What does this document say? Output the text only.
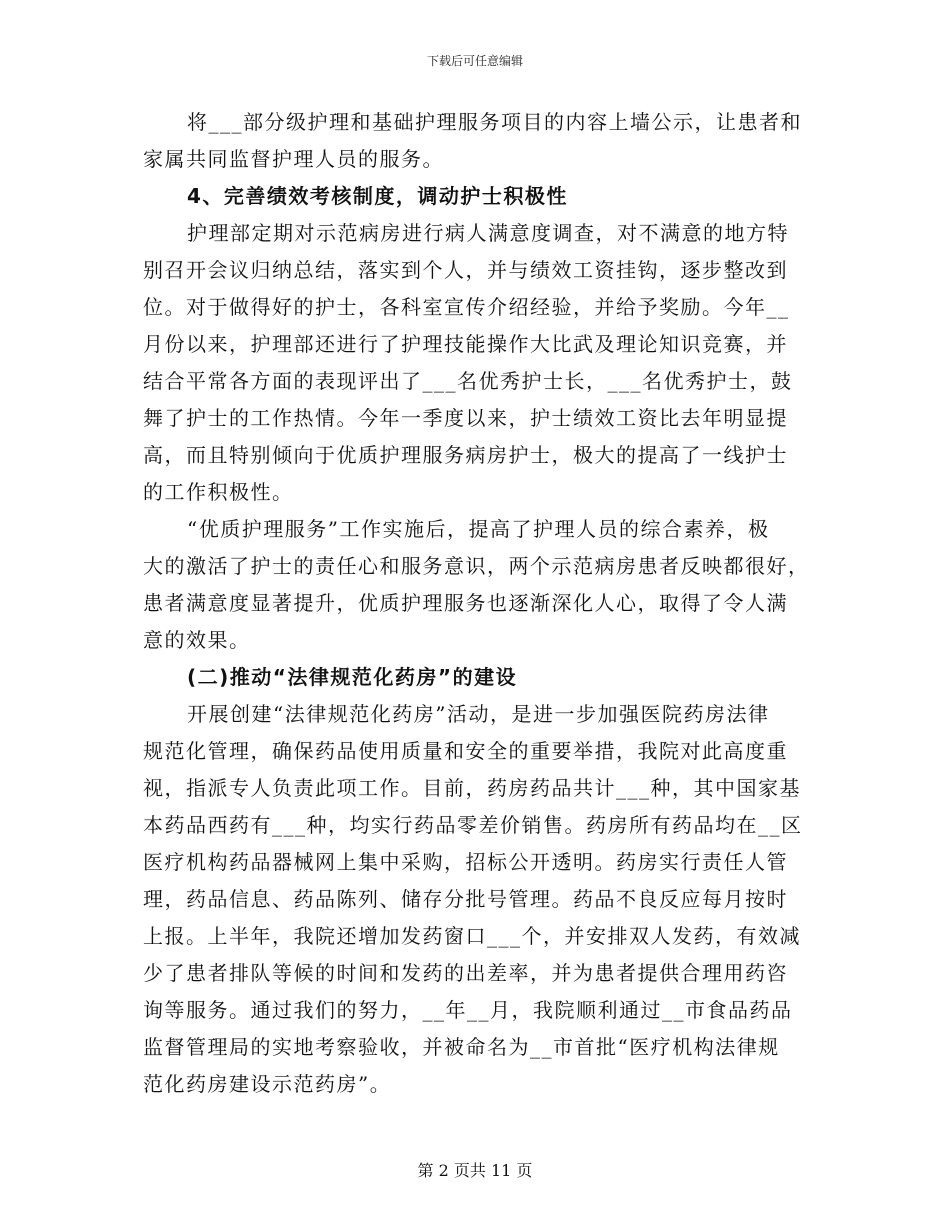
下载后可任意编辑
将___部分级护理和基础护理服务项目的内容上墙公示，让患者和
家属共同监督护理人员的服务。
4、完善绩效考核制度，调动护士积极性
护理部定期对示范病房进行病人满意度调查，对不满意的地方特
别召开会议归纳总结，落实到个人，并与绩效工资挂钩，逐步整改到
位。对于做得好的护士，各科室宣传介绍经验，并给予奖励。今年__
月份以来，护理部还进行了护理技能操作大比武及理论知识竞赛，并
结合平常各方面的表现评出了___名优秀护士长，___名优秀护士，鼓
舞了护士的工作热情。今年一季度以来，护士绩效工资比去年明显提
高，而且特别倾向于优质护理服务病房护士，极大的提高了一线护士
的工作积极性。
“优质护理服务”工作实施后，提高了护理人员的综合素养，极
大的激活了护士的责任心和服务意识，两个示范病房患者反映都很好，
患者满意度显著提升，优质护理服务也逐渐深化人心，取得了令人满
意的效果。
(二)推动“法律规范化药房”的建设
开展创建“法律规范化药房”活动，是进一步加强医院药房法律
规范化管理，确保药品使用质量和安全的重要举措，我院对此高度重
视，指派专人负责此项工作。目前，药房药品共计___种，其中国家基
本药品西药有___种，均实行药品零差价销售。药房所有药品均在__区
医疗机构药品器械网上集中采购，招标公开透明。药房实行责任人管
理，药品信息、药品陈列、储存分批号管理。药品不良反应每月按时
上报。上半年，我院还增加发药窗口___个，并安排双人发药，有效减
少了患者排队等候的时间和发药的出差率，并为患者提供合理用药咨
询等服务。通过我们的努力，__年__月，我院顺利通过__市食品药品
监督管理局的实地考察验收，并被命名为__市首批“医疗机构法律规
范化药房建设示范药房”。
第 2 页共 11 页
